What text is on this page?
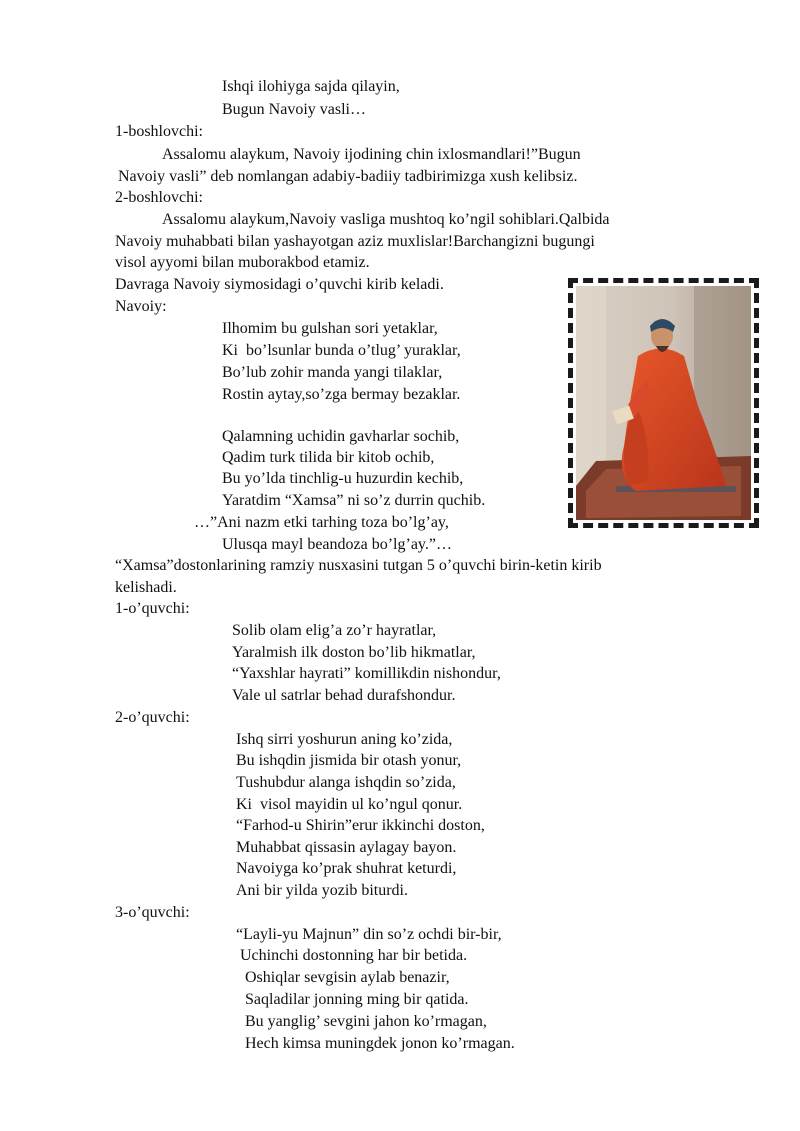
Ishqi ilohiyga sajda qilayin,
Bugun Navoiy vasli…
1-boshlovchi:
Assalomu alaykum, Navoiy ijodining chin ixlosmandlari!”Bugun
Navoiy vasli” deb nomlangan adabiy-badiiy tadbirimizga xush kelibsiz.
2-boshlovchi:
Assalomu alaykum,Navoiy vasliga mushtoq ko’ngil sohiblari.Qalbida
Navoiy muhabbati bilan yashayotgan aziz muxlislar!Barchangizni bugungi
visol ayyomi bilan muborakbod etamiz.
Davraga Navoiy siymosidagi o’quvchi kirib keladi.
Navoiy:
Ilhomim bu gulshan sori yetaklar,
Ki  bo’lsunlar bunda o’tlug’ yuraklar,
Bo’lub zohir manda yangi tilaklar,
Rostin aytay,so’zga bermay bezaklar.
Qalamning uchidin gavharlar sochib,
Qadim turk tilida bir kitob ochib,
Bu yo’lda tinchlig-u huzurdin kechib,
Yaratdim “Xamsa” ni so’z durrin quchib.
…”Ani nazm etki tarhing toza bo’lg’ay,
Ulusqa mayl beandoza bo’lg’ay.”…
“Xamsa”dostonlarining ramziy nusxasini tutgan 5 o’quvchi birin-ketin kirib
kelishadi.
1-o’quvchi:
Solib olam elig’a zo’r hayratlar,
Yaralmish ilk doston bo’lib hikmatlar,
“Yaxshlar hayrati” komillikdin nishondur,
Vale ul satrlar behad durafshondur.
2-o’quvchi:
Ishq sirri yoshurun aning ko’zida,
Bu ishqdin jismida bir otash yonur,
Tushubdur alanga ishqdin so’zida,
Ki  visol mayidin ul ko’ngul qonur.
“Farhod-u Shirin”erur ikkinchi doston,
Muhabbat qissasin aylagay bayon.
Navoiyga ko’prak shuhrat keturdi,
Ani bir yilda yozib biturdi.
3-o’quvchi:
“Layli-yu Majnun” din so’z ochdi bir-bir,
Uchinchi dostonning har bir betida.
Oshiqlar sevgisin aylab benazir,
Saqladilar jonning ming bir qatida.
Bu yanglig’ sevgini jahon ko’rmagan,
Hech kimsa muningdek jonon ko’rmagan.
